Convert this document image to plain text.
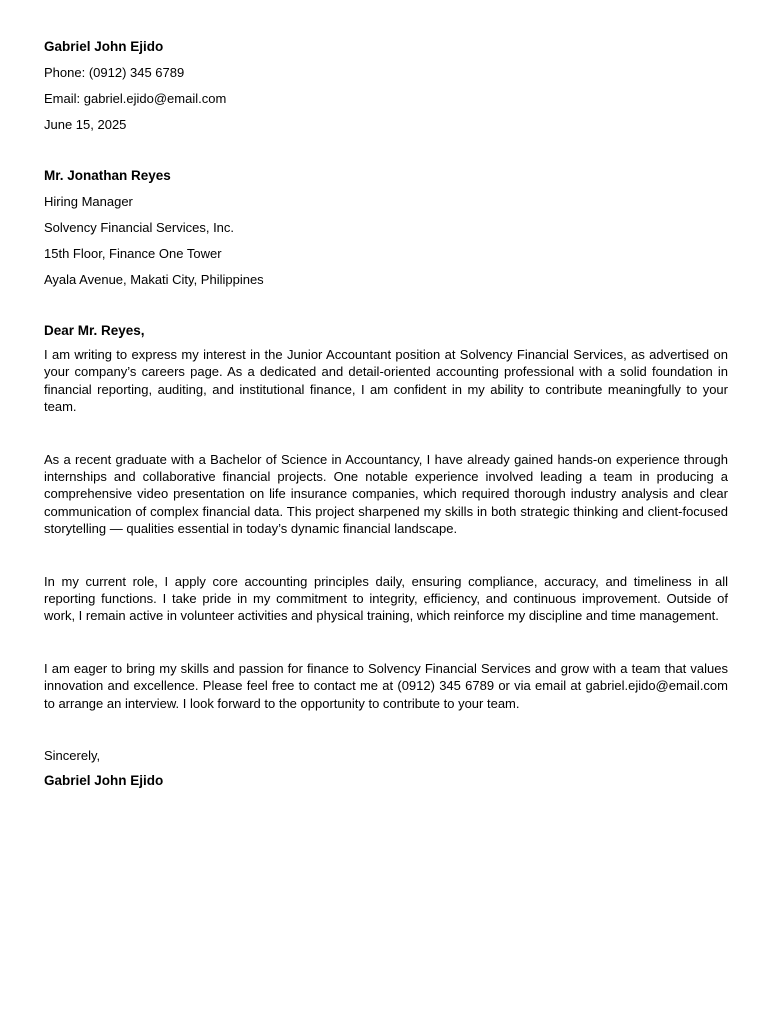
Gabriel John Ejido

Phone: (0912) 345 6789

Email: gabriel.ejido@email.com

June 15, 2025

Mr. Jonathan Reyes

Hiring Manager

Solvency Financial Services, Inc.

15th Floor, Finance One Tower

Ayala Avenue, Makati City, Philippines

Dear Mr. Reyes,

I am writing to express my interest in the Junior Accountant position at Solvency Financial Services, as advertised on your company’s careers page. As a dedicated and detail-oriented accounting professional with a solid foundation in financial reporting, auditing, and institutional finance, I am confident in my ability to contribute meaningfully to your team.

As a recent graduate with a Bachelor of Science in Accountancy, I have already gained hands-on experience through internships and collaborative financial projects. One notable experience involved leading a team in producing a comprehensive video presentation on life insurance companies, which required thorough industry analysis and clear communication of complex financial data. This project sharpened my skills in both strategic thinking and client-focused storytelling — qualities essential in today’s dynamic financial landscape.

In my current role, I apply core accounting principles daily, ensuring compliance, accuracy, and timeliness in all reporting functions. I take pride in my commitment to integrity, efficiency, and continuous improvement. Outside of work, I remain active in volunteer activities and physical training, which reinforce my discipline and time management.

I am eager to bring my skills and passion for finance to Solvency Financial Services and grow with a team that values innovation and excellence. Please feel free to contact me at (0912) 345 6789 or via email at gabriel.ejido@email.com to arrange an interview. I look forward to the opportunity to contribute to your team.

Sincerely,

Gabriel John Ejido
